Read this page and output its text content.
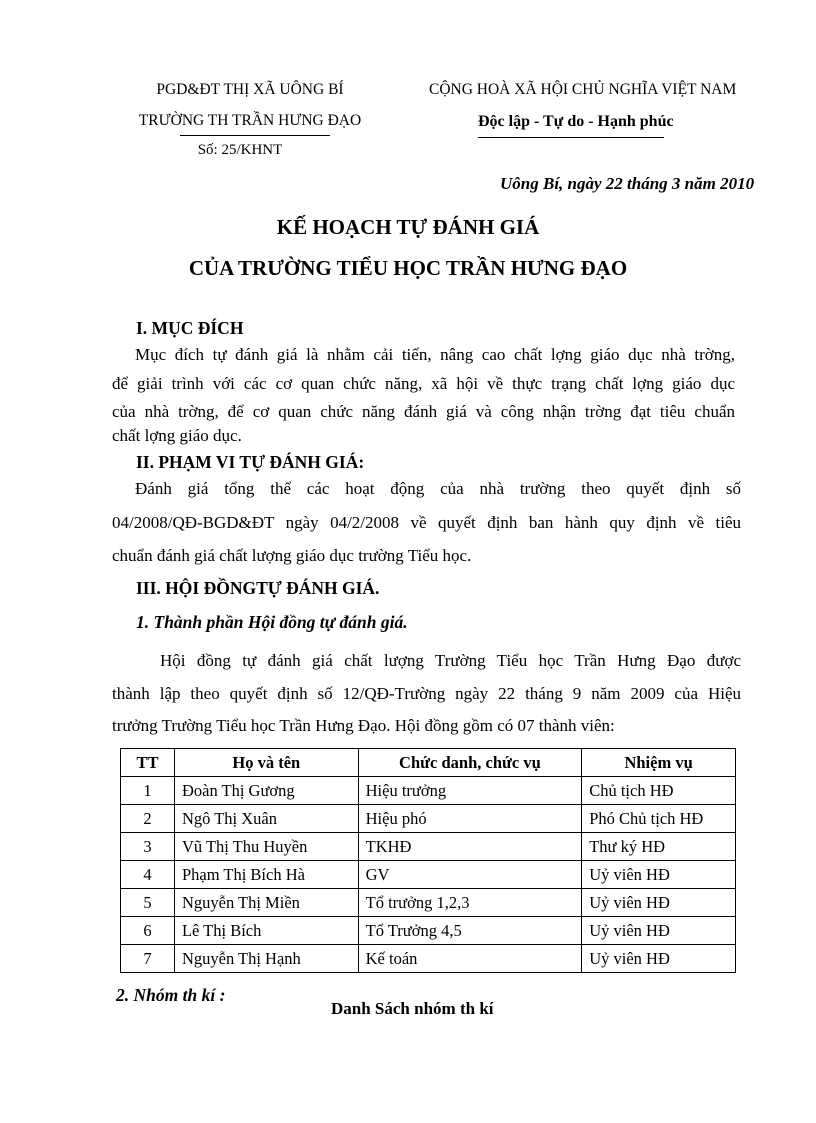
PGD&ĐT THỊ XÃ UÔNG BÍ
TRƯỜNG TH TRẦN HƯNG ĐẠO
Số: 25/KHNT
CỘNG HOÀ XÃ HỘI CHỦ NGHĨA VIỆT NAM
Độc lập - Tự do - Hạnh phúc
Uông Bí, ngày 22 tháng 3 năm 2010
KẾ HOẠCH TỰ ĐÁNH GIÁ
CỦA TRƯỜNG TIỂU HỌC TRẦN HƯNG ĐẠO
I. MỤC ĐÍCH
Mục đích tự đánh giá là nhằm cải tiến, nâng cao chất lợng giáo dục nhà trờng,
để giải trình với các cơ quan chức năng, xã hội về thực trạng chất lợng giáo dục
của nhà trờng, để cơ quan chức năng đánh giá và công nhận trờng đạt tiêu chuẩn
chất lợng giáo dục.
II. PHẠM VI TỰ ĐÁNH GIÁ:
Đánh giá tổng thể các hoạt động của nhà trường theo quyết định số
04/2008/QĐ-BGD&ĐT ngày 04/2/2008 về quyết định ban hành quy định về tiêu
chuẩn đánh giá chất lượng giáo dục trường Tiểu học.
III. HỘI ĐỒNGTỰ ĐÁNH GIÁ.
1. Thành phần Hội đồng tự đánh giá.
Hội đồng tự đánh giá chất lượng Trường Tiểu học Trần Hưng Đạo được
thành lập theo quyết định số 12/QĐ-Trường ngày 22 tháng 9 năm 2009 của Hiệu
trưởng Trường Tiểu học Trần Hưng Đạo. Hội đồng gồm có 07 thành viên:
TT	Họ và tên	Chức danh, chức vụ	Nhiệm vụ
1	Đoàn Thị Gương	Hiệu trưởng	Chủ tịch HĐ
2	Ngô Thị Xuân	Hiệu phó	Phó Chủ tịch HĐ
3	Vũ Thị Thu Huyền	TKHĐ	Thư ký HĐ
4	Phạm Thị Bích Hà	GV	Uỷ viên HĐ
5	Nguyễn Thị Miền	Tổ trưởng 1,2,3	Uỷ viên HĐ
6	Lê Thị Bích	Tổ Trưởng 4,5	Uỷ viên HĐ
7	Nguyễn Thị Hạnh	Kế toán	Uỷ viên HĐ
2. Nhóm th kí :
Danh Sách nhóm th kí
